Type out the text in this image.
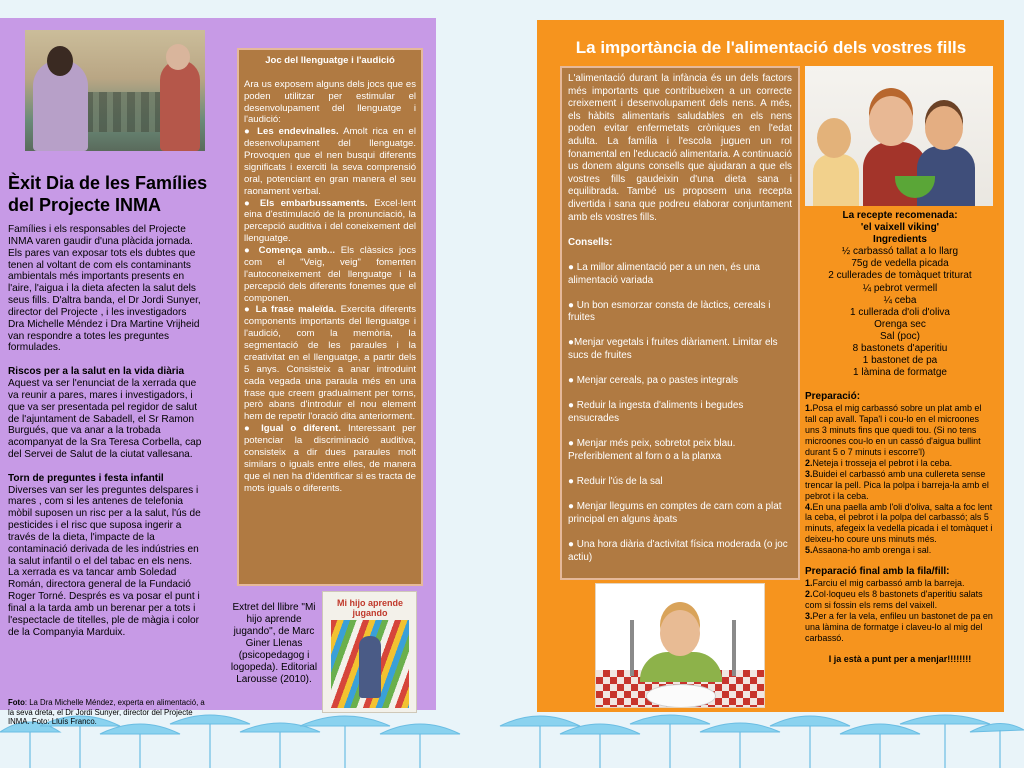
Èxit Dia de les Famílies
del Projecte INMA

Famílies i els responsables del Projecte INMA varen gaudir d'una plàcida jornada. Els pares van exposar tots els dubtes que tenen al voltant de com els contaminants ambientals més importants presents en l'aire, l'aigua i la dieta afecten la salut dels seus fills. D'altra banda, el Dr Jordi Sunyer, director del Projecte , i les investigadors Dra Michelle Méndez i Dra Martine Vrijheid van respondre a totes les preguntes formulades.

Riscos per a la salut en la vida diària

Aquest va ser l'enunciat de la xerrada que va reunir a pares, mares i investigadors, i que va ser presentada pel regidor de salut de l'ajuntament de Sabadell, el Sr Ramon Burgués, que va anar a la trobada acompanyat de la Sra Teresa Corbella, cap del Servei de Salut de la ciutat vallesana.

Torn de preguntes i festa infantil

Diverses van ser les preguntes delspares i mares , com si les antenes de telefonia mòbil suposen un risc per a la salut, l'ús de pesticides i el risc que suposa ingerir a través de la dieta, l'impacte de la contaminació derivada de les indústries en la salut infantil o el del tabac en els nens. La xerrada es va tancar amb Soledad Román, directora general de la Fundació Roger Torné. Després es va posar el punt i final a la tarda amb un berenar per a tots i l'espectacle de titelles, ple de màgia i color de la Companyia Marduix.

Foto: La Dra Michelle Méndez, experta en alimentació, a la seva dreta, el Dr Jordi Sunyer, director del Projecte INMA. Foto: Lluís Franco.
Joc del llenguatge i l'audició

Ara us exposem alguns dels jocs que es poden utilitzar per estimular el desenvolupament del llenguatge i l'audició:

● Les endevinalles. Amolt rica en el desenvolupament del llenguatge. Provoquen que el nen busqui diferents significats i exerciti la seva comprensió oral, potenciant en gran manera el seu raonament verbal.

● Els embarbussaments. Excel·lent eina d'estimulació de la pronunciació, la percepció auditiva i del coneixement del llenguatge.

● Comença amb... Els clàssics jocs com el "Veig, veig" fomenten l'autoconeixement del llenguatge i la percepció dels diferents fonemes que el componen.

● La frase maleïda. Exercita diferents components importants del llenguatge i l'audició, com la memòria, la segmentació de les paraules i la creativitat en el llenguatge, a partir dels 5 anys. Consisteix a anar introduint cada vegada una paraula més en una frase que creem gradualment per torns, però abans d'introduir el nou element hem de repetir l'oració dita anteriorment.

● Igual o diferent. Interessant per potenciar la discriminació auditiva, consisteix a dir dues paraules molt similars o iguals entre elles, de manera que el nen ha d'identificar si es tracta de mots iguals o diferents.

Extret del llibre "Mi hijo aprende jugando", de Marc Giner Llenas (psicopedagog i logopeda). Editorial Larousse (2010).
Mi hijo aprende jugando
La importància de l'alimentació dels vostres fills

L'alimentació durant la infància és un dels factors més importants que contribueixen a un correcte creixement i desenvolupament dels nens. A més, els hàbits alimentaris saludables en els nens poden evitar enfermetats cròniques en l'edat adulta. La família i l'escola juguen un rol fonamental en l'educació alimentaria. A continuació us donem alguns consells que ajudaran a que els vostres fills gaudeixin d'una dieta sana i equilibrada. També us proposem una recepta divertida i sana que podreu elaborar conjuntament amb els vostres fills.

Consells:
● La millor alimentació per a un nen, és una alimentació variada
● Un bon esmorzar consta de làctics, cereals i fruites
●Menjar vegetals i fruites diàriament. Limitar els sucs de fruites
● Menjar cereals, pa o pastes integrals
● Reduir la ingesta d'aliments i begudes ensucrades
● Menjar més peix, sobretot peix blau. Preferiblement al forn o a la planxa
● Reduir l'ús de la sal
● Menjar llegums en comptes de carn com a plat principal en alguns àpats
● Una hora diària d'activitat física moderada (o joc actiu)
La recepte recomenada:
'el vaixell viking'
Ingredients
½ carbassó tallat a lo llarg
75g de vedella picada
2 cullerades de tomàquet triturat
¼ pebrot vermell
¼ ceba
1 cullerada d'oli d'oliva
Orenga sec
Sal (poc)
8 bastonets d'aperitiu
1 bastonet de pa
1 làmina de formatge
Preparació:
1.Posa el mig carbassó sobre un plat amb el tall cap avall. Tapa'l i cou-lo en el microones uns 3 minuts fins que quedi tou. (Si no tens microones cou-lo en un cassó d'aigua bullint durant 5 o 7 minuts i escorre'l)
2.Neteja i trosseja el pebrot i la ceba.
3.Buidei el carbassó amb una cullereta sense trencar la pell. Pica la polpa i barreja-la amb el pebrot i la ceba.
4.En una paella amb l'oli d'oliva, salta a foc lent la ceba, el pebrot i la polpa del carbassó; als 5 minuts, afegeix la vedella picada i el tomàquet i deixeu-ho coure uns minuts més.
5.Assaona-ho amb orenga i sal.
Preparació final amb la fila/fill:
1.Farciu el mig carbassó amb la barreja.
2.Col·loqueu els 8 bastonets d'aperitiu salats com si fossin els rems del vaixell.
3.Per a fer la vela, enfileu un bastonet de pa en una làmina de formatge i claveu-lo al mig del carbassó.
I ja està a punt per a menjar!!!!!!!!
